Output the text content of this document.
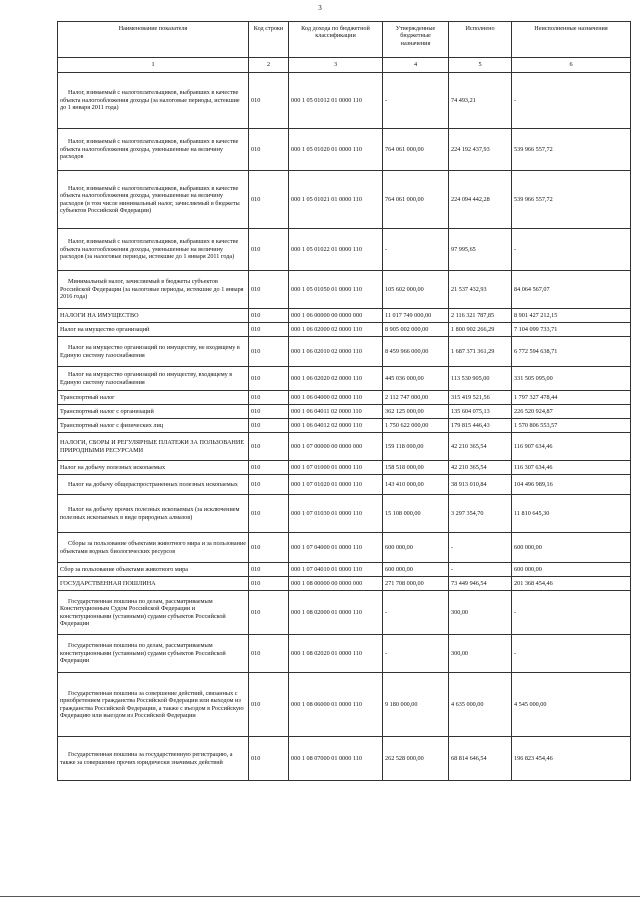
3
Наименование показателя	Код строки	Код дохода по бюджетной классификации	Утвержденные бюджетные назначения	Исполнено	Неисполненные назначения
1	2	3	4	5	6
Налог, взимаемый с налогоплательщиков, выбравших в качестве объекта налогообложения доходы (за налоговые периоды, истекшие до 1 января 2011 года)	010	000 1 05 01012 01 0000 110	-	74 493,21	-
Налог, взимаемый с налогоплательщиков, выбравших в качестве объекта налогообложения доходы, уменьшенные на величину расходов	010	000 1 05 01020 01 0000 110	764 061 000,00	224 192 437,93	539 966 557,72
Налог, взимаемый с налогоплательщиков, выбравших в качестве объекта налогообложения доходы, уменьшенные на величину расходов (в том числе минимальный налог, зачисляемый в бюджеты субъектов Российской Федерации)	010	000 1 05 01021 01 0000 110	764 061 000,00	224 094 442,28	539 966 557,72
Налог, взимаемый с налогоплательщиков, выбравших в качестве объекта налогообложения доходы, уменьшенные на величину расходов (за налоговые периоды, истекшие до 1 января 2011 года)	010	000 1 05 01022 01 0000 110	-	97 995,65	-
Минимальный налог, зачисляемый в бюджеты субъектов Российской Федерации (за налоговые периоды, истекшие до 1 января 2016 года)	010	000 1 05 01050 01 0000 110	105 602 000,00	21 537 432,93	84 064 567,07
НАЛОГИ НА ИМУЩЕСТВО	010	000 1 06 00000 00 0000 000	11 017 749 000,00	2 116 321 787,85	8 901 427 212,15
Налог на имущество организаций	010	000 1 06 02000 02 0000 110	8 905 002 000,00	1 800 902 266,29	7 104 099 733,71
Налог на имущество организаций по имуществу, не входящему в Единую систему газоснабжения	010	000 1 06 02010 02 0000 110	8 459 966 000,00	1 687 371 361,29	6 772 594 638,71
Налог на имущество организаций по имуществу, входящему в Единую систему газоснабжения	010	000 1 06 02020 02 0000 110	445 036 000,00	113 530 905,00	331 505 095,00
Транспортный налог	010	000 1 06 04000 02 0000 110	2 112 747 000,00	315 419 521,56	1 797 327 478,44
Транспортный налог с организаций	010	000 1 06 04011 02 0000 110	362 125 000,00	135 604 075,13	226 520 924,87
Транспортный налог с физических лиц	010	000 1 06 04012 02 0000 110	1 750 622 000,00	179 815 446,43	1 570 806 553,57
НАЛОГИ, СБОРЫ И РЕГУЛЯРНЫЕ ПЛАТЕЖИ ЗА ПОЛЬЗОВАНИЕ ПРИРОДНЫМИ РЕСУРСАМИ	010	000 1 07 00000 00 0000 000	159 118 000,00	42 210 365,54	116 907 634,46
Налог на добычу полезных ископаемых	010	000 1 07 01000 01 0000 110	158 518 000,00	42 210 365,54	116 307 634,46
Налог на добычу общераспространенных полезных ископаемых	010	000 1 07 01020 01 0000 110	143 410 000,00	38 913 010,84	104 496 989,16
Налог на добычу прочих полезных ископаемых (за исключением полезных ископаемых в виде природных алмазов)	010	000 1 07 01030 01 0000 110	15 108 000,00	3 297 354,70	11 810 645,30
Сборы за пользование объектами животного мира и за пользование объектами водных биологических ресурсов	010	000 1 07 04000 01 0000 110	600 000,00	-	600 000,00
Сбор за пользование объектами животного мира	010	000 1 07 04010 01 0000 110	600 000,00	-	600 000,00
ГОСУДАРСТВЕННАЯ ПОШЛИНА	010	000 1 08 00000 00 0000 000	271 708 000,00	73 449 946,54	201 368 454,46
Государственная пошлина по делам, рассматриваемым Конституционным Судом Российской Федерации и конституционными (уставными) судами субъектов Российской Федерации	010	000 1 08 02000 01 0000 110	-	300,00	-
Государственная пошлина по делам, рассматриваемым конституционными (уставными) судами субъектов Российской Федерации	010	000 1 08 02020 01 0000 110	-	300,00	-
Государственная пошлина за совершение действий, связанных с приобретением гражданства Российской Федерации или выходом из гражданства Российской Федерации, а также с въездом в Российскую Федерацию или выездом из Российской Федерации	010	000 1 08 06000 01 0000 110	9 180 000,00	4 635 000,00	4 545 000,00
Государственная пошлина за государственную регистрацию, а также за совершение прочих юридически значимых действий	010	000 1 08 07000 01 0000 110	262 528 000,00	68 814 646,54	196 823 454,46
